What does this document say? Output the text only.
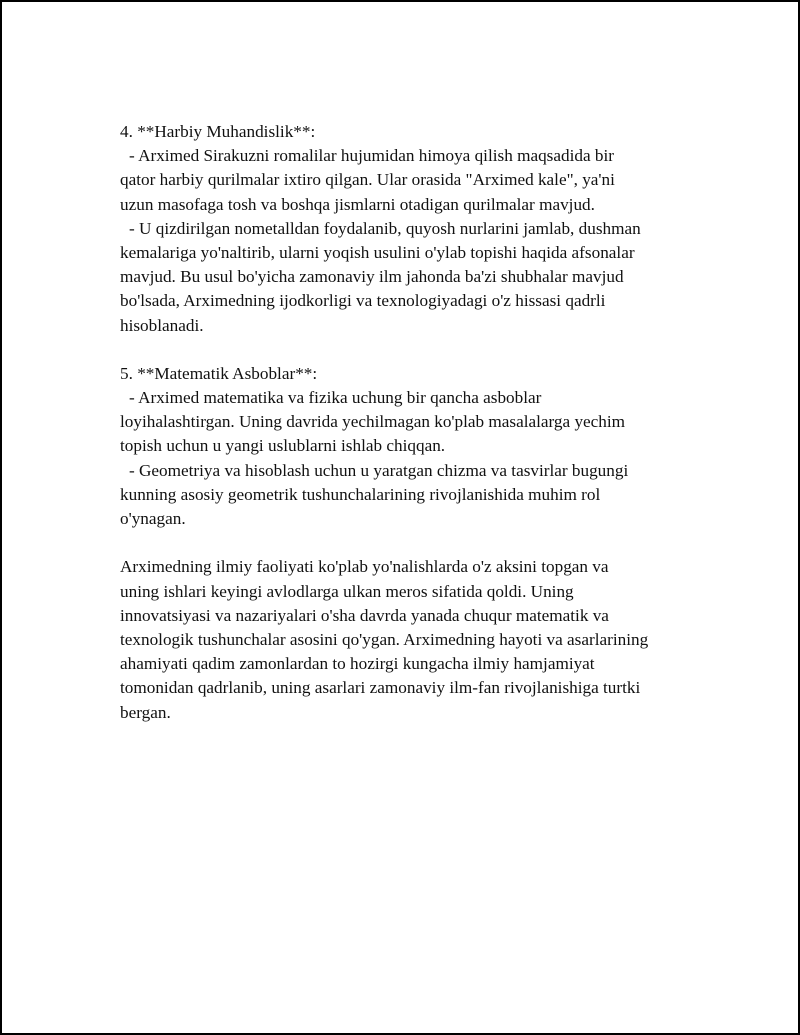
4. **Harbiy Muhandislik**:

- Arximed Sirakuzni romalilar hujumidan himoya qilish maqsadida bir

qator harbiy qurilmalar ixtiro qilgan. Ular orasida "Arximed kale", ya'ni

uzun masofaga tosh va boshqa jismlarni otadigan qurilmalar mavjud.

- U qizdirilgan nometalldan foydalanib, quyosh nurlarini jamlab, dushman

kemalariga yo'naltirib, ularni yoqish usulini o'ylab topishi haqida afsonalar

mavjud. Bu usul bo'yicha zamonaviy ilm jahonda ba'zi shubhalar mavjud

bo'lsada, Arximedning ijodkorligi va texnologiyadagi o'z hissasi qadrli

hisoblanadi.

5. **Matematik Asboblar**:

- Arximed matematika va fizika uchung bir qancha asboblar

loyihalashtirgan. Uning davrida yechilmagan ko'plab masalalarga yechim

topish uchun u yangi uslublarni ishlab chiqqan.

- Geometriya va hisoblash uchun u yaratgan chizma va tasvirlar bugungi

kunning asosiy geometrik tushunchalarining rivojlanishida muhim rol

o'ynagan.

Arximedning ilmiy faoliyati ko'plab yo'nalishlarda o'z aksini topgan va

uning ishlari keyingi avlodlarga ulkan meros sifatida qoldi. Uning

innovatsiyasi va nazariyalari o'sha davrda yanada chuqur matematik va

texnologik tushunchalar asosini qo'ygan. Arximedning hayoti va asarlarining

ahamiyati qadim zamonlardan to hozirgi kungacha ilmiy hamjamiyat

tomonidan qadrlanib, uning asarlari zamonaviy ilm-fan rivojlanishiga turtki

bergan.
